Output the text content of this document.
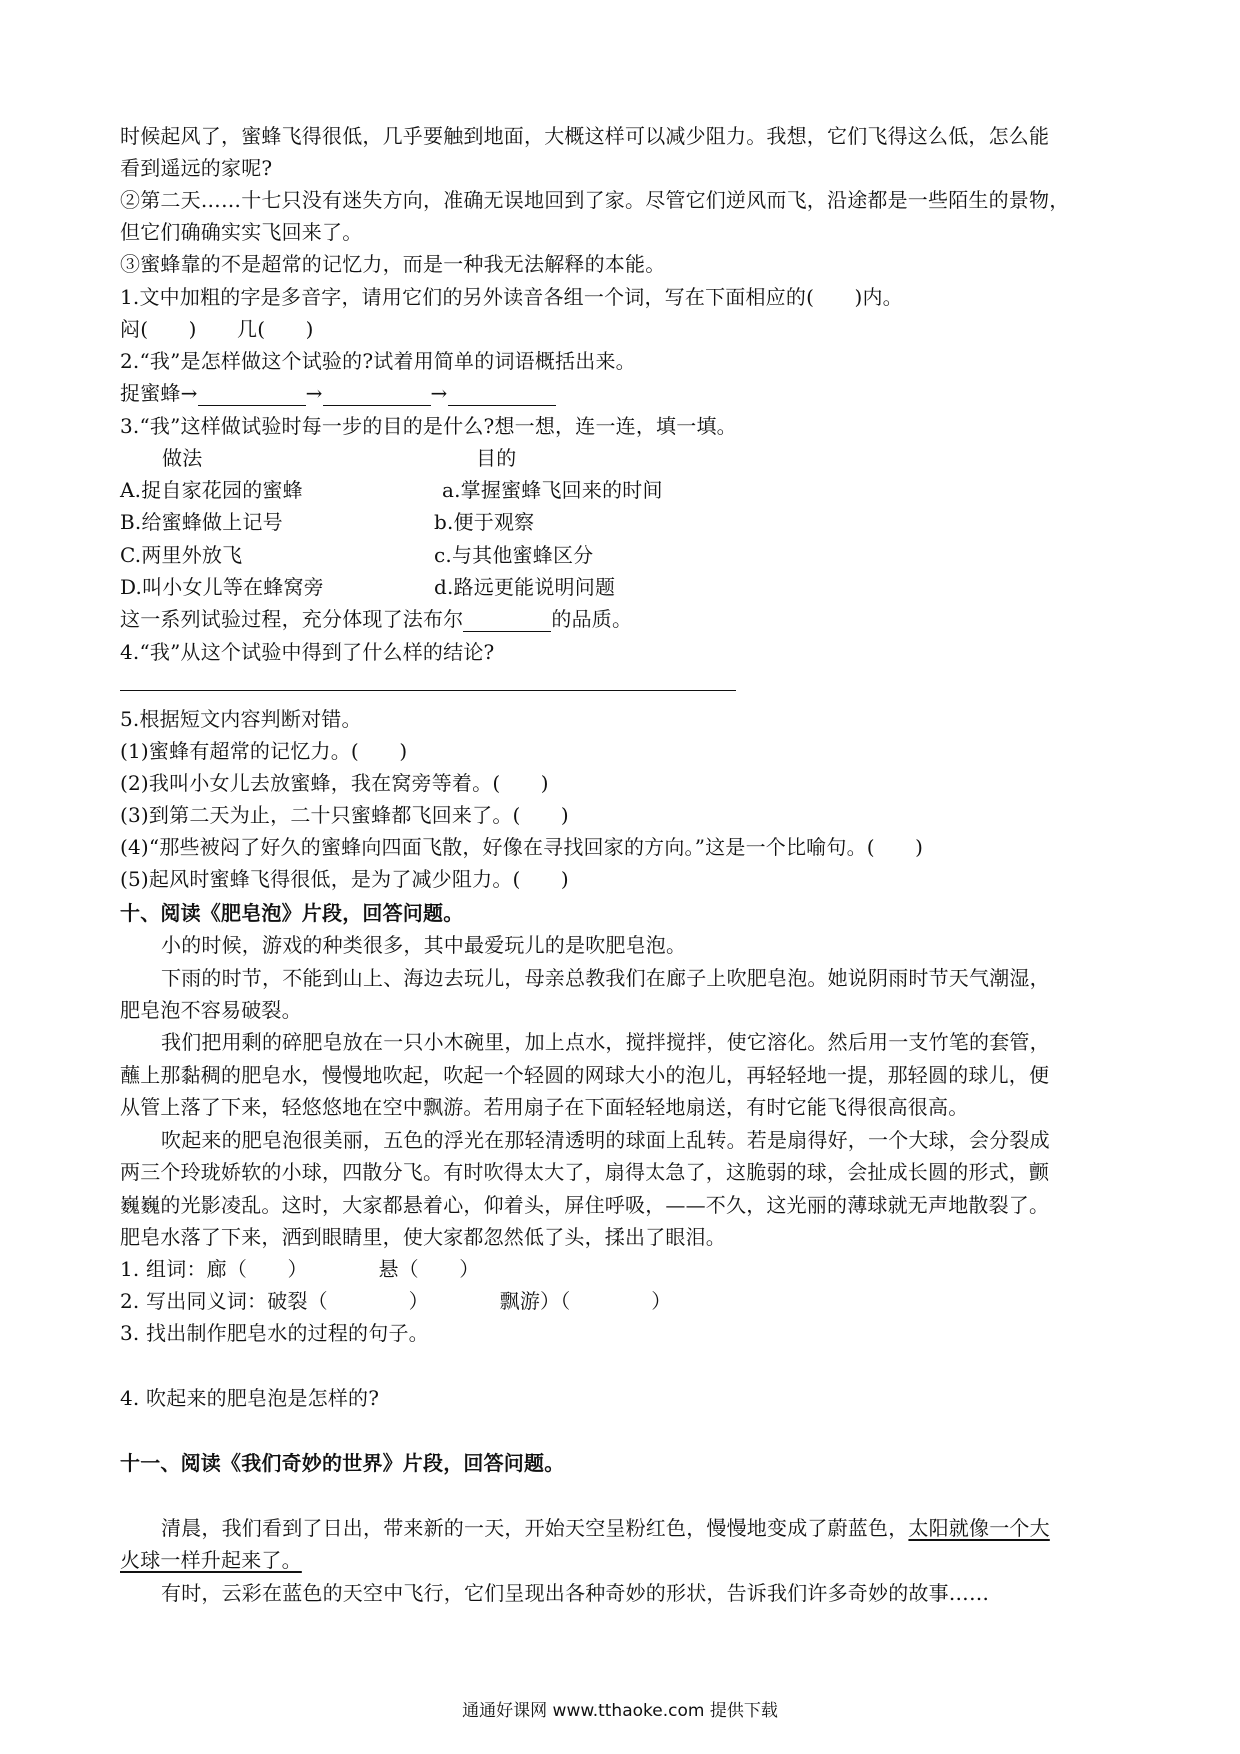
时候起风了，蜜蜂飞得很低，几乎要触到地面，大概这样可以减少阻力。我想，它们飞得这么低，怎么能
看到遥远的家呢?
②第二天……十七只没有迷失方向，准确无误地回到了家。尽管它们逆风而飞，沿途都是一些陌生的景物，
但它们确确实实飞回来了。
③蜜蜂靠的不是超常的记忆力，而是一种我无法解释的本能。
1.文中加粗的字是多音字，请用它们的另外读音各组一个词，写在下面相应的(　　)内。
闷(　　)　　几(　　)
2.“我”是怎样做这个试验的?试着用简单的词语概括出来。
捉蜜蜂→	→	→
3.“我”这样做试验时每一步的目的是什么?想一想，连一连，填一填。
做法	目的
A.捉自家花园的蜜蜂	a.掌握蜜蜂飞回来的时间
B.给蜜蜂做上记号	b.便于观察
C.两里外放飞	c.与其他蜜蜂区分
D.叫小女儿等在蜂窝旁	d.路远更能说明问题
这一系列试验过程，充分体现了法布尔	的品质。
4.“我”从这个试验中得到了什么样的结论?
5.根据短文内容判断对错。
(1)蜜蜂有超常的记忆力。(　　)
(2)我叫小女儿去放蜜蜂，我在窝旁等着。(　　)
(3)到第二天为止，二十只蜜蜂都飞回来了。(　　)
(4)“那些被闷了好久的蜜蜂向四面飞散，好像在寻找回家的方向。”这是一个比喻句。(　　)
(5)起风时蜜蜂飞得很低，是为了减少阻力。(　　)
十、阅读《肥皂泡》片段，回答问题。
小的时候，游戏的种类很多，其中最爱玩儿的是吹肥皂泡。
下雨的时节，不能到山上、海边去玩儿，母亲总教我们在廊子上吹肥皂泡。她说阴雨时节天气潮湿，
肥皂泡不容易破裂。
我们把用剩的碎肥皂放在一只小木碗里，加上点水，搅拌搅拌，使它溶化。然后用一支竹笔的套管，
蘸上那黏稠的肥皂水，慢慢地吹起，吹起一个轻圆的网球大小的泡儿，再轻轻地一提，那轻圆的球儿，便
从管上落了下来，轻悠悠地在空中飘游。若用扇子在下面轻轻地扇送，有时它能飞得很高很高。
吹起来的肥皂泡很美丽，五色的浮光在那轻清透明的球面上乱转。若是扇得好，一个大球，会分裂成
两三个玲珑娇软的小球，四散分飞。有时吹得太大了，扇得太急了，这脆弱的球，会扯成长圆的形式，颤
巍巍的光影凌乱。这时，大家都悬着心，仰着头，屏住呼吸，——不久，这光丽的薄球就无声地散裂了。
肥皂水落了下来，洒到眼睛里，使大家都忽然低了头，揉出了眼泪。
1. 组词：廊（　　）　　　　悬（　　）
2. 写出同义词：破裂（　　　　）　　　　飘游）（　　　　）
3. 找出制作肥皂水的过程的句子。
4. 吹起来的肥皂泡是怎样的?
十一、阅读《我们奇妙的世界》片段，回答问题。
清晨，我们看到了日出，带来新的一天，开始天空呈粉红色，慢慢地变成了蔚蓝色，太阳就像一个大
火球一样升起来了。
有时，云彩在蓝色的天空中飞行，它们呈现出各种奇妙的形状，告诉我们许多奇妙的故事……
通通好课网 www.tthaoke.com 提供下载
